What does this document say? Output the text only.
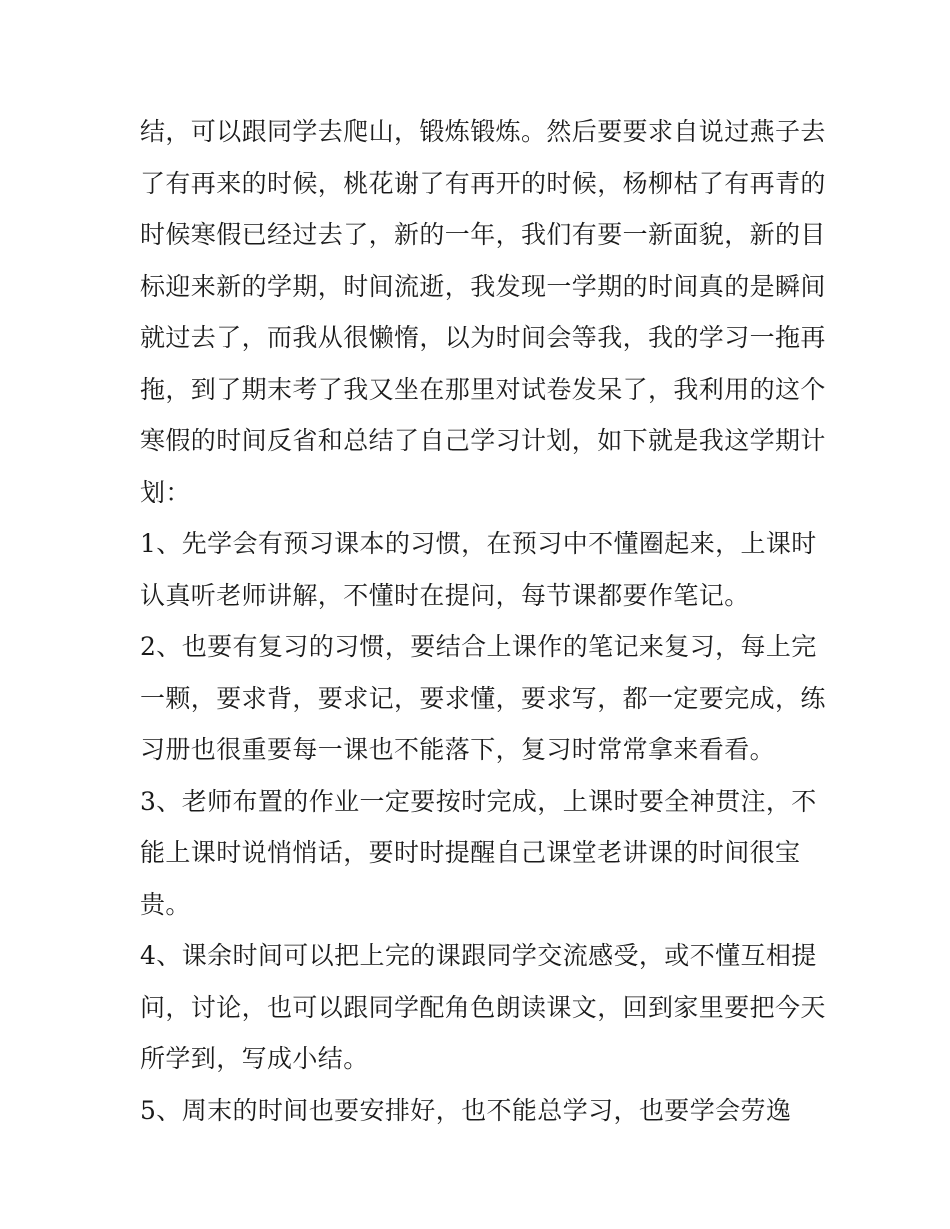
结，可以跟同学去爬山，锻炼锻炼。然后要要求自说过燕子去
了有再来的时候，桃花谢了有再开的时候，杨柳枯了有再青的
时候寒假已经过去了，新的一年，我们有要一新面貌，新的目
标迎来新的学期，时间流逝，我发现一学期的时间真的是瞬间
就过去了，而我从很懒惰，以为时间会等我，我的学习一拖再
拖，到了期末考了我又坐在那里对试卷发呆了，我利用的这个
寒假的时间反省和总结了自己学习计划，如下就是我这学期计
划：
1、先学会有预习课本的习惯，在预习中不懂圈起来，上课时
认真听老师讲解，不懂时在提问，每节课都要作笔记。
2、也要有复习的习惯，要结合上课作的笔记来复习，每上完
一颗，要求背，要求记，要求懂，要求写，都一定要完成，练
习册也很重要每一课也不能落下，复习时常常拿来看看。
3、老师布置的作业一定要按时完成，上课时要全神贯注，不
能上课时说悄悄话，要时时提醒自己课堂老讲课的时间很宝
贵。
4、课余时间可以把上完的课跟同学交流感受，或不懂互相提
问，讨论，也可以跟同学配角色朗读课文，回到家里要把今天
所学到，写成小结。
5、周末的时间也要安排好，也不能总学习，也要学会劳逸
